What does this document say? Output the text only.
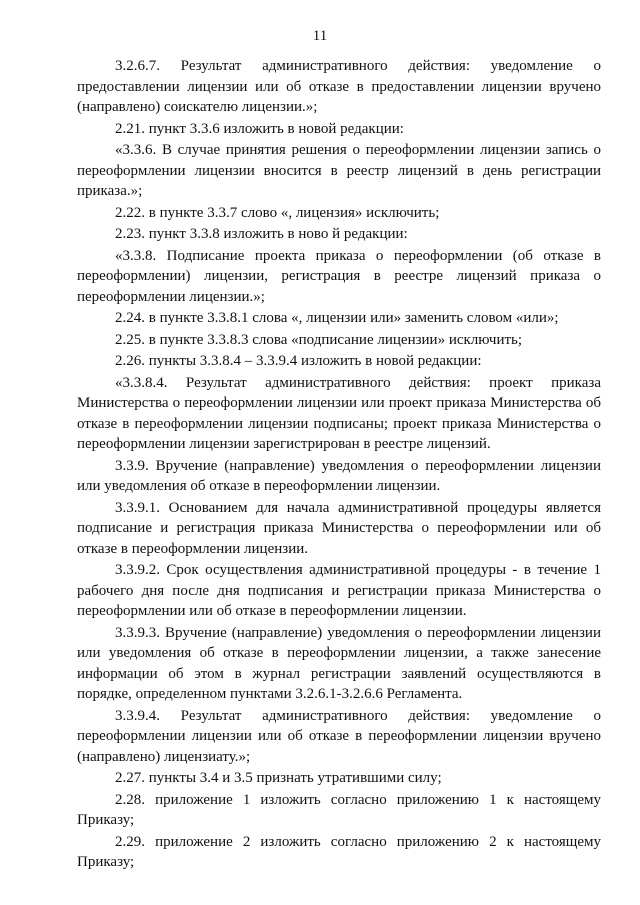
11

3.2.6.7. Результат административного действия: уведомление о предоставлении лицензии или об отказе в предоставлении лицензии вручено (направлено) соискателю лицензии.»;

2.21. пункт 3.3.6 изложить в новой редакции:

«3.3.6. В случае принятия решения о переоформлении лицензии запись о переоформлении лицензии вносится в реестр лицензий в день регистрации приказа.»;

2.22. в пункте 3.3.7 слово «, лицензия» исключить;

2.23. пункт 3.3.8 изложить в ново й редакции:

«3.3.8. Подписание проекта приказа о переоформлении (об отказе в переоформлении) лицензии, регистрация в реестре лицензий приказа о переоформлении лицензии.»;

2.24. в пункте 3.3.8.1 слова «, лицензии или» заменить словом «или»;

2.25. в пункте 3.3.8.3 слова «подписание лицензии» исключить;

2.26. пункты 3.3.8.4 – 3.3.9.4 изложить в новой редакции:

«3.3.8.4. Результат административного действия: проект приказа Министерства о переоформлении лицензии или проект приказа Министерства об отказе в переоформлении лицензии подписаны; проект приказа Министерства о переоформлении лицензии зарегистрирован в реестре лицензий.

3.3.9. Вручение (направление) уведомления о переоформлении лицензии или уведомления об отказе в переоформлении лицензии.

3.3.9.1. Основанием для начала административной процедуры является подписание и регистрация приказа Министерства о переоформлении или об отказе в переоформлении лицензии.

3.3.9.2. Срок осуществления административной процедуры - в течение 1 рабочего дня после дня подписания и регистрации приказа Министерства о переоформлении или об отказе в переоформлении лицензии.

3.3.9.3. Вручение (направление) уведомления о переоформлении лицензии или уведомления об отказе в переоформлении лицензии, а также занесение информации об этом в журнал регистрации заявлений осуществляются в порядке, определенном пунктами 3.2.6.1-3.2.6.6 Регламента.

3.3.9.4. Результат административного действия: уведомление о переоформлении лицензии или об отказе в переоформлении лицензии вручено (направлено) лицензиату.»;

2.27. пункты 3.4 и 3.5 признать утратившими силу;

2.28. приложение 1 изложить согласно приложению 1 к настоящему Приказу;

2.29. приложение 2 изложить согласно приложению 2 к настоящему Приказу;
